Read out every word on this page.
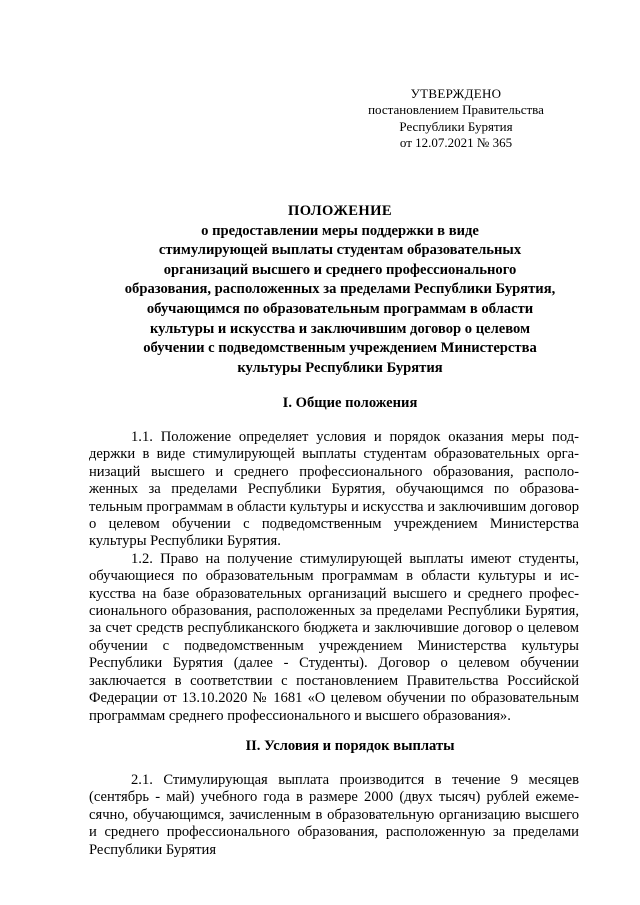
УТВЕРЖДЕНО
постановлением Правительства
Республики Бурятия
от 12.07.2021 № 365
ПОЛОЖЕНИЕ
о предоставлении меры поддержки в виде
стимулирующей выплаты студентам образовательных
организаций высшего и среднего профессионального
образования, расположенных за пределами Республики Бурятия,
обучающимся по образовательным программам в области
культуры и искусства и заключившим договор о целевом
обучении с подведомственным учреждением Министерства
культуры Республики Бурятия
I. Общие положения

1.1. Положение определяет условия и порядок оказания меры поддержки в виде стимулирующей выплаты студентам образовательных организаций высшего и среднего профессионального образования, расположенных за пределами Республики Бурятия, обучающимся по образовательным программам в области культуры и искусства и заключившим договор о целевом обучении с подведомственным учреждением Министерства культуры Республики Бурятия.

1.2. Право на получение стимулирующей выплаты имеют студенты, обучающиеся по образовательным программам в области культуры и искусства на базе образовательных организаций высшего и среднего профессионального образования, расположенных за пределами Республики Бурятия, за счет средств республиканского бюджета и заключившие договор о целевом обучении с подведомственным учреждением Министерства культуры Республики Бурятия (далее - Студенты). Договор о целевом обучении заключается в соответствии с постановлением Правительства Российской Федерации от 13.10.2020 № 1681 «О целевом обучении по образовательным программам среднего профессионального и высшего образования».

II. Условия и порядок выплаты

2.1. Стимулирующая выплата производится в течение 9 месяцев (сентябрь - май) учебного года в размере 2000 (двух тысяч) рублей ежемесячно, обучающимся, зачисленным в образовательную организацию высшего и среднего профессионального образования, расположенную за пределами Республики Бурятия
